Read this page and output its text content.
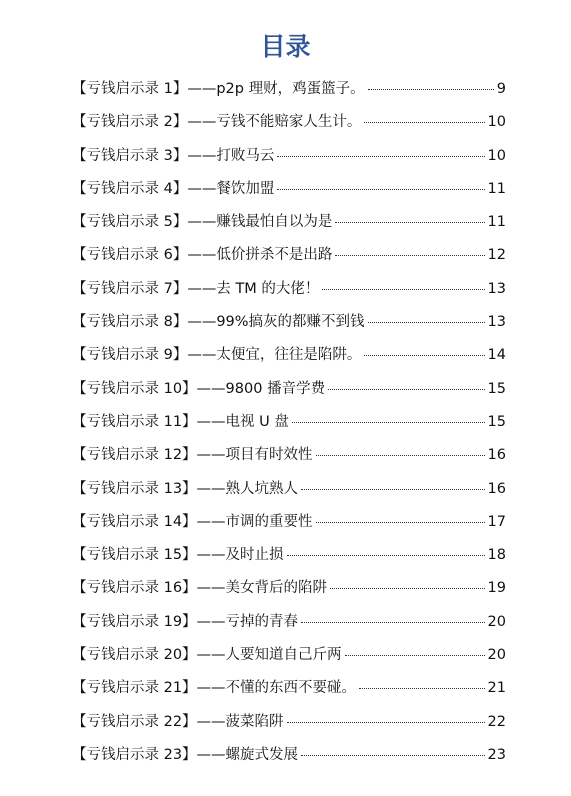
目录
【亏钱启示录 1】——p2p 理财，鸡蛋篮子。	9
【亏钱启示录 2】——亏钱不能赔家人生计。	10
【亏钱启示录 3】——打败马云	10
【亏钱启示录 4】——餐饮加盟	11
【亏钱启示录 5】——赚钱最怕自以为是	11
【亏钱启示录 6】——低价拼杀不是出路	12
【亏钱启示录 7】——去 TM 的大佬！	13
【亏钱启示录 8】——99%搞灰的都赚不到钱	13
【亏钱启示录 9】——太便宜，往往是陷阱。	14
【亏钱启示录 10】——9800 播音学费	15
【亏钱启示录 11】——电视 U 盘	15
【亏钱启示录 12】——项目有时效性	16
【亏钱启示录 13】——熟人坑熟人	16
【亏钱启示录 14】——市调的重要性	17
【亏钱启示录 15】——及时止损	18
【亏钱启示录 16】——美女背后的陷阱	19
【亏钱启示录 19】——亏掉的青春	20
【亏钱启示录 20】——人要知道自己斤两	20
【亏钱启示录 21】——不懂的东西不要碰。	21
【亏钱启示录 22】——菠菜陷阱	22
【亏钱启示录 23】——螺旋式发展	23
